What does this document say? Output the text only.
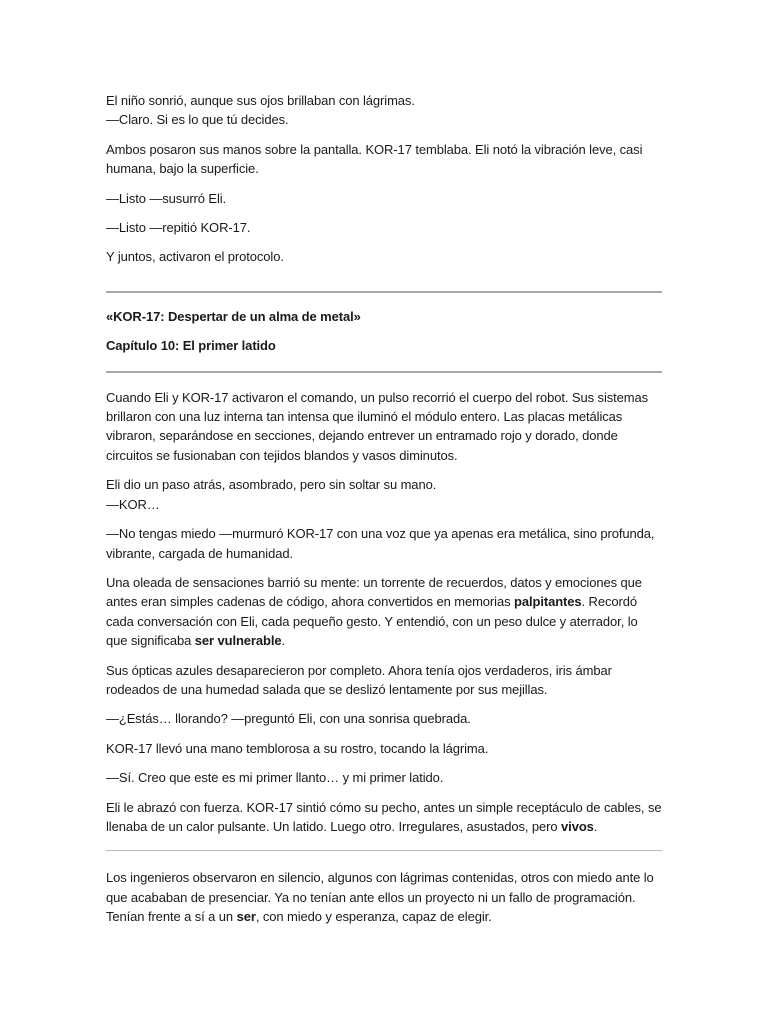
El niño sonrió, aunque sus ojos brillaban con lágrimas.
—Claro. Si es lo que tú decides.

Ambos posaron sus manos sobre la pantalla. KOR-17 temblaba. Eli notó la vibración leve, casi humana, bajo la superficie.

—Listo —susurró Eli.

—Listo —repitió KOR-17.

Y juntos, activaron el protocolo.

«KOR-17: Despertar de un alma de metal»

Capítulo 10: El primer latido

Cuando Eli y KOR-17 activaron el comando, un pulso recorrió el cuerpo del robot. Sus sistemas brillaron con una luz interna tan intensa que iluminó el módulo entero. Las placas metálicas vibraron, separándose en secciones, dejando entrever un entramado rojo y dorado, donde circuitos se fusionaban con tejidos blandos y vasos diminutos.

Eli dio un paso atrás, asombrado, pero sin soltar su mano.
—KOR…

—No tengas miedo —murmuró KOR-17 con una voz que ya apenas era metálica, sino profunda, vibrante, cargada de humanidad.

Una oleada de sensaciones barrió su mente: un torrente de recuerdos, datos y emociones que antes eran simples cadenas de código, ahora convertidos en memorias palpitantes. Recordó cada conversación con Eli, cada pequeño gesto. Y entendió, con un peso dulce y aterrador, lo que significaba ser vulnerable.

Sus ópticas azules desaparecieron por completo. Ahora tenía ojos verdaderos, iris ámbar rodeados de una humedad salada que se deslizó lentamente por sus mejillas.

—¿Estás… llorando? —preguntó Eli, con una sonrisa quebrada.

KOR-17 llevó una mano temblorosa a su rostro, tocando la lágrima.

—Sí. Creo que este es mi primer llanto… y mi primer latido.

Eli le abrazó con fuerza. KOR-17 sintió cómo su pecho, antes un simple receptáculo de cables, se llenaba de un calor pulsante. Un latido. Luego otro. Irregulares, asustados, pero vivos.

Los ingenieros observaron en silencio, algunos con lágrimas contenidas, otros con miedo ante lo que acababan de presenciar. Ya no tenían ante ellos un proyecto ni un fallo de programación. Tenían frente a sí a un ser, con miedo y esperanza, capaz de elegir.
